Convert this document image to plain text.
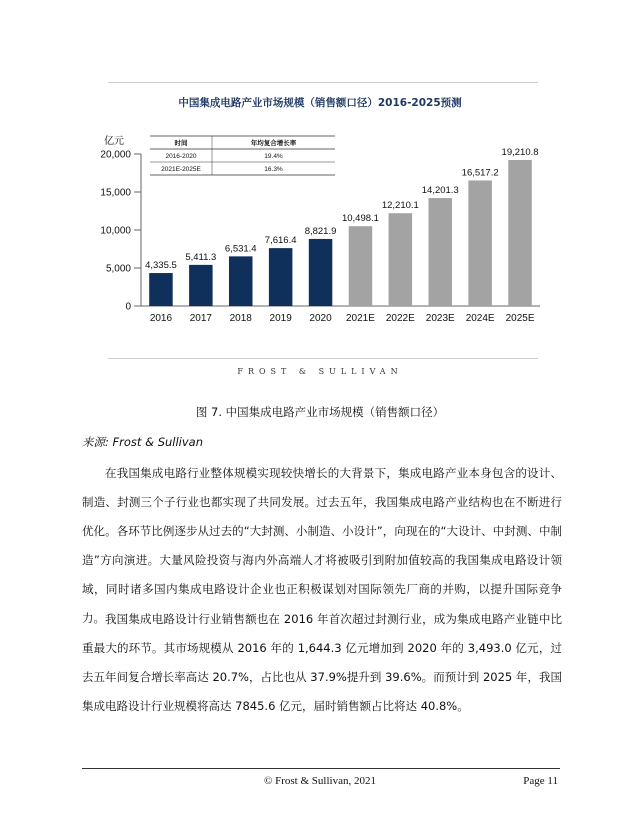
中国集成电路产业市场规模（销售额口径）2016-2025预测
亿元
0
5,000
10,000
15,000
20,000
4,335.5
2016
5,411.3
2017
6,531.4
2018
7,616.4
2019
8,821.9
2020
10,498.1
2021E
12,210.1
2022E
14,201.3
2023E
16,517.2
2024E
19,210.8
2025E
时间	年均复合增长率
2016-2020	19.4%
2021E-2025E	16.3%
FROST & SULLIVAN
图 7. 中国集成电路产业市场规模（销售额口径）
来源: Frost & Sullivan

在我国集成电路行业整体规模实现较快增长的大背景下，集成电路产业本身包含的设计、制造、封测三个子行业也都实现了共同发展。过去五年，我国集成电路产业结构也在不断进行优化。各环节比例逐步从过去的“大封测、小制造、小设计”，向现在的“大设计、中封测、中制造”方向演进。大量风险投资与海内外高端人才将被吸引到附加值较高的我国集成电路设计领域，同时诸多国内集成电路设计企业也正积极谋划对国际领先厂商的并购，以提升国际竞争力。 我国集成电路设计行业销售额也在 2016 年首次超过封测行业，成为集成电路产业链中比重最大的环节。其市场规模从 2016 年的 1,644.3 亿元增加到 2020 年的 3,493.0 亿元，过去五年间复合增长率高达 20.7%，占比也从 37.9%提升到 39.6%。而预计到 2025 年，我国集成电路设计行业规模将高达 7845.6 亿元，届时销售额占比将达 40.8%。

© Frost & Sullivan, 2021	Page 11
